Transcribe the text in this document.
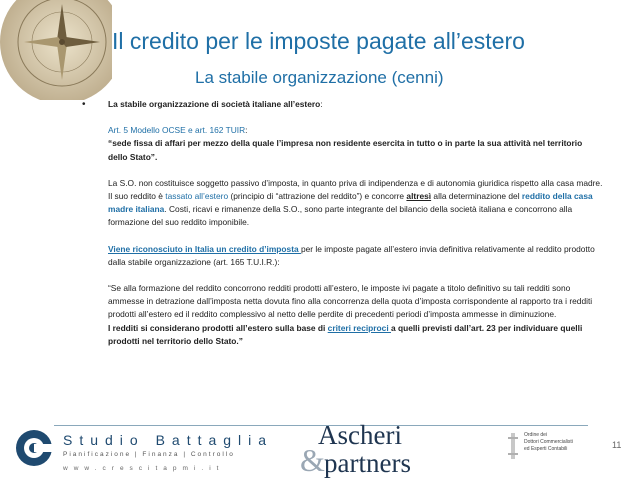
Il credito per le imposte pagate all’estero
La stabile organizzazione (cenni)
•	La stabile organizzazione di società italiane all’estero:

Art. 5 Modello OCSE e art. 162 TUIR:

“sede fissa di affari per mezzo della quale l’impresa non residente esercita in tutto o in parte la sua attività nel territorio dello Stato”.

La S.O. non costituisce soggetto passivo d’imposta, in quanto priva di indipendenza e di autonomia giuridica rispetto alla casa madre. Il suo reddito è tassato all’estero (principio di “attrazione del reddito”) e concorre altresì alla determinazione del reddito della casa madre italiana. Costi, ricavi e rimanenze della S.O., sono parte integrante del bilancio della società italiana e concorrono alla formazione del suo reddito imponibile.

Viene riconosciuto in Italia un credito d’imposta per le imposte pagate all’estero invia definitiva relativamente al reddito prodotto dalla stabile organizzazione (art. 165 T.U.I.R.):

“Se alla formazione del reddito concorrono redditi prodotti all’estero, le imposte ivi pagate a titolo definitivo su tali redditi sono ammesse in detrazione dall’imposta netta dovuta fino alla concorrenza della quota d’imposta corrispondente al rapporto tra i redditi prodotti all’estero ed il reddito complessivo al netto delle perdite di precedenti periodi d’imposta ammesse in diminuzione.
I redditi si considerano prodotti all’estero sulla base di criteri reciproci a quelli previsti dall’art. 23 per individuare quelli prodotti nel territorio dello Stato.”

Studio Battaglia
Pianificazione | Finanza | Controllo
www.crescitapmi.it
Ascheri
& partners
Ordine dei
Dottori Commercialisti
ed Esperti Contabili	11
